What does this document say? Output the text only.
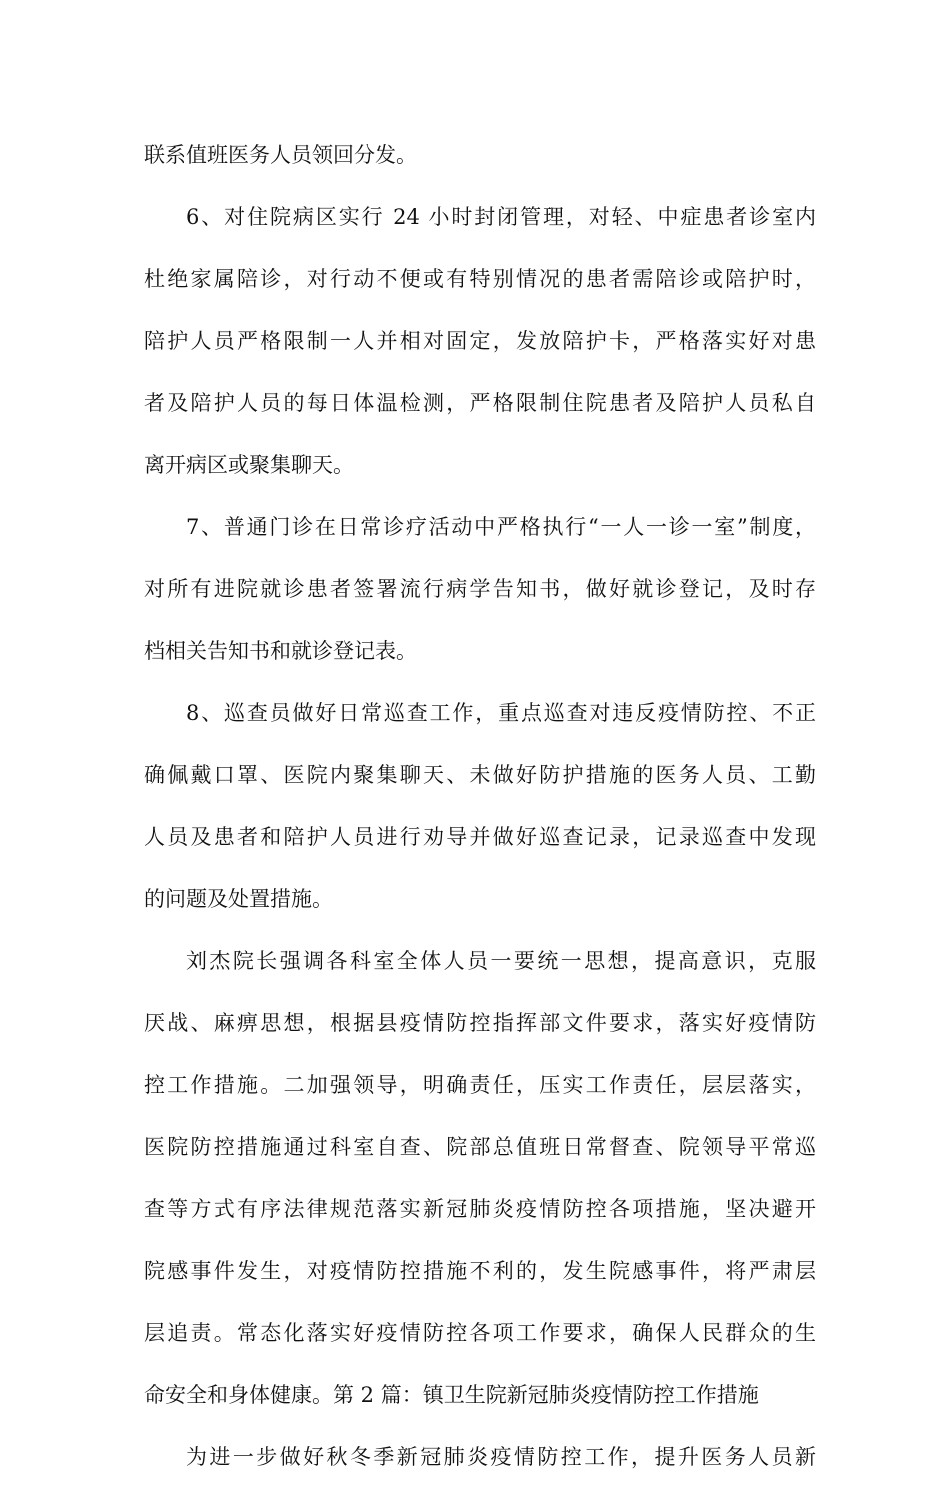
联系值班医务人员领回分发。
6、对住院病区实行 24 小时封闭管理，对轻、中症患者诊室内
杜绝家属陪诊，对行动不便或有特别情况的患者需陪诊或陪护时，
陪护人员严格限制一人并相对固定，发放陪护卡，严格落实好对患
者及陪护人员的每日体温检测，严格限制住院患者及陪护人员私自
离开病区或聚集聊天。
7、普通门诊在日常诊疗活动中严格执行“一人一诊一室”制度，
对所有进院就诊患者签署流行病学告知书，做好就诊登记，及时存
档相关告知书和就诊登记表。
8、巡查员做好日常巡查工作，重点巡查对违反疫情防控、不正
确佩戴口罩、医院内聚集聊天、未做好防护措施的医务人员、工勤
人员及患者和陪护人员进行劝导并做好巡查记录，记录巡查中发现
的问题及处置措施。
刘杰院长强调各科室全体人员一要统一思想，提高意识，克服
厌战、麻痹思想，根据县疫情防控指挥部文件要求，落实好疫情防
控工作措施。二加强领导，明确责任，压实工作责任，层层落实，
医院防控措施通过科室自查、院部总值班日常督查、院领导平常巡
查等方式有序法律规范落实新冠肺炎疫情防控各项措施，坚决避开
院感事件发生，对疫情防控措施不利的，发生院感事件，将严肃层
层追责。常态化落实好疫情防控各项工作要求，确保人民群众的生
命安全和身体健康。第 2 篇：镇卫生院新冠肺炎疫情防控工作措施
为进一步做好秋冬季新冠肺炎疫情防控工作，提升医务人员新
